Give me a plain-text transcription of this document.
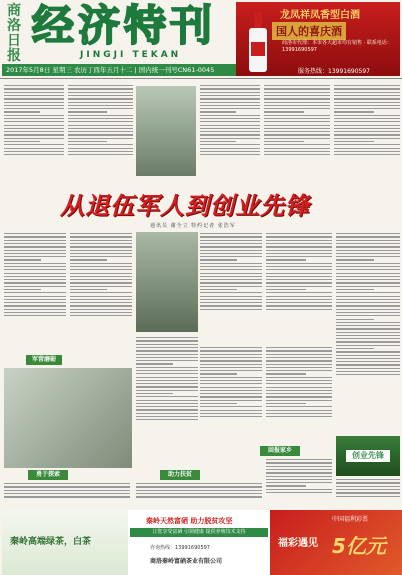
商洛日报
经济特刊
JINGJI TEKAN
2017年5月8日 星期三 农历丁酉年五月十二 | 国内统一刊号CN61-0045
龙凤祥凤香型白酒
国人的喜庆酒
商洛市代理：本市各大超市均有销售 · 联系电话：13991690597
服务热线：13991690597
从退伍军人到创业先锋
通讯员 谢全立 特约记者 张浩军
军营磨砺
回报家乡
勇于探索	助力扶贫
创业先锋
秦岭高端绿茶，白茶
秦岭天然富硒 助力脱贫攻坚
让您享受富硒 引领健康 提供养殖技术支持
咨询热线：13991690597
商洛秦岭富硒茶业有限公司
中国福利彩票
福彩遇见 5亿元
